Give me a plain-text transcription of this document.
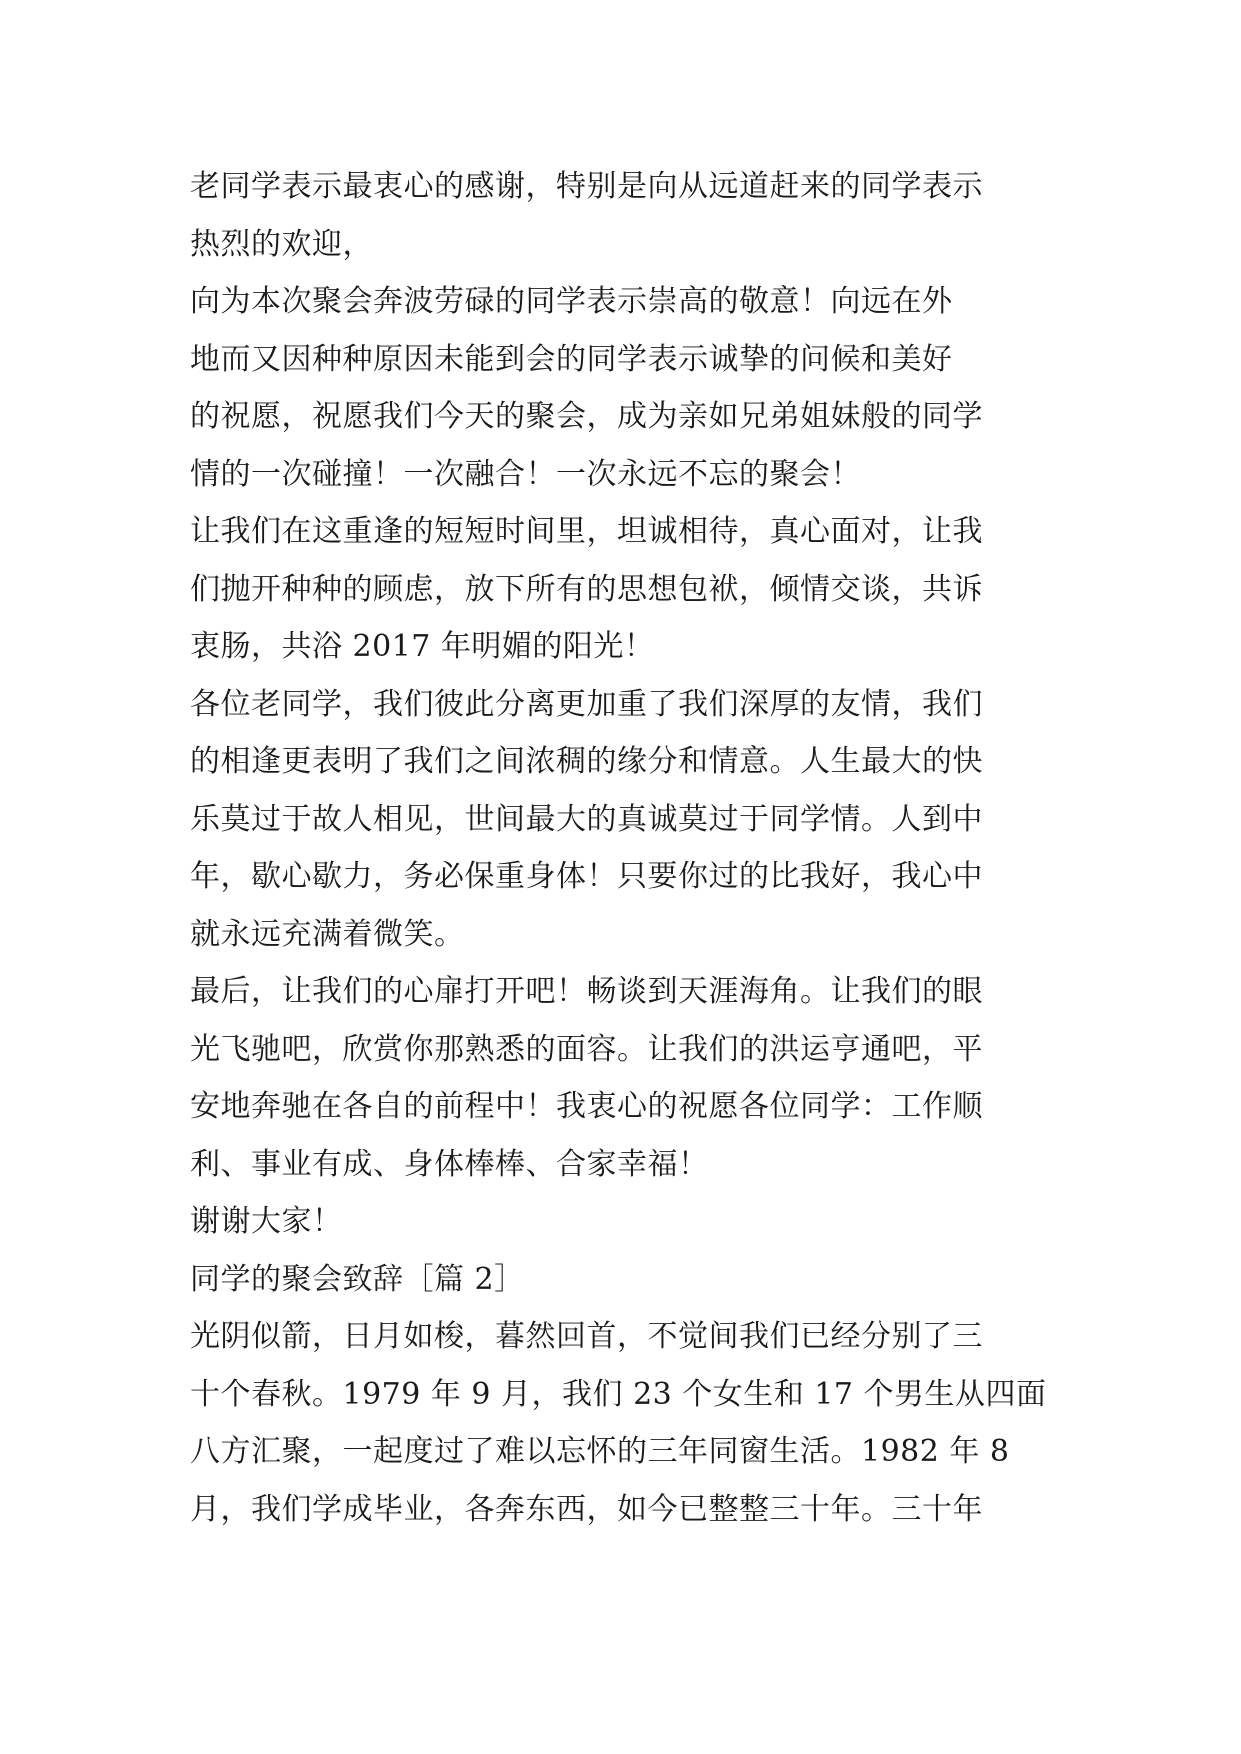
老同学表示最衷心的感谢，特别是向从远道赶来的同学表示
热烈的欢迎，
向为本次聚会奔波劳碌的同学表示崇高的敬意！向远在外
地而又因种种原因未能到会的同学表示诚挚的问候和美好
的祝愿，祝愿我们今天的聚会，成为亲如兄弟姐妹般的同学
情的一次碰撞！一次融合！一次永远不忘的聚会！
让我们在这重逢的短短时间里，坦诚相待，真心面对，让我
们抛开种种的顾虑，放下所有的思想包袱，倾情交谈，共诉
衷肠，共浴 2017 年明媚的阳光！
各位老同学，我们彼此分离更加重了我们深厚的友情，我们
的相逢更表明了我们之间浓稠的缘分和情意。人生最大的快
乐莫过于故人相见，世间最大的真诚莫过于同学情。人到中
年，歇心歇力，务必保重身体！只要你过的比我好，我心中
就永远充满着微笑。
最后，让我们的心扉打开吧！畅谈到天涯海角。让我们的眼
光飞驰吧，欣赏你那熟悉的面容。让我们的洪运亨通吧，平
安地奔驰在各自的前程中！我衷心的祝愿各位同学：工作顺
利、事业有成、身体棒棒、合家幸福！
谢谢大家！
同学的聚会致辞［篇 2］
光阴似箭，日月如梭，暮然回首，不觉间我们已经分别了三
十个春秋。1979 年 9 月，我们 23 个女生和 17 个男生从四面
八方汇聚，一起度过了难以忘怀的三年同窗生活。1982 年 8
月，我们学成毕业，各奔东西，如今已整整三十年。三十年
